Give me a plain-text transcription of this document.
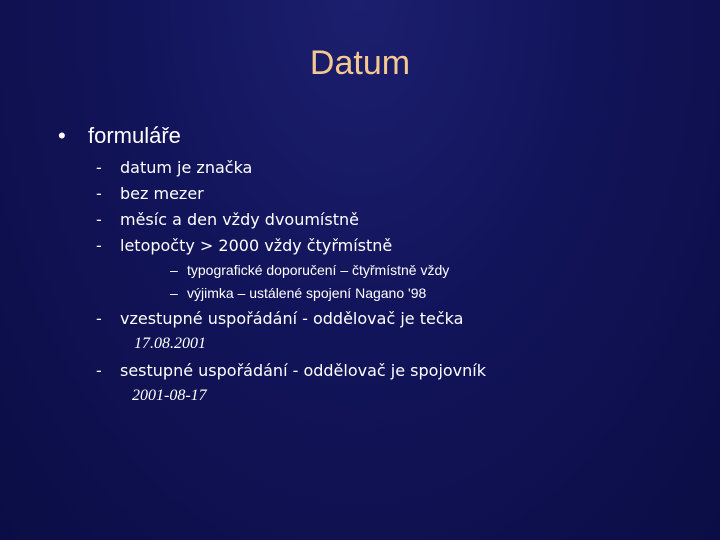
Datum
• formuláře
- datum je značka
- bez mezer
- měsíc a den vždy dvoumístně
- letopočty > 2000 vždy čtyřmístně
– typografické doporučení – čtyřmístně vždy
– výjimka – ustálené spojení Nagano '98
- vzestupné uspořádání - oddělovač je tečka
17.08.2001
- sestupné uspořádání - oddělovač je spojovník
2001-08-17
